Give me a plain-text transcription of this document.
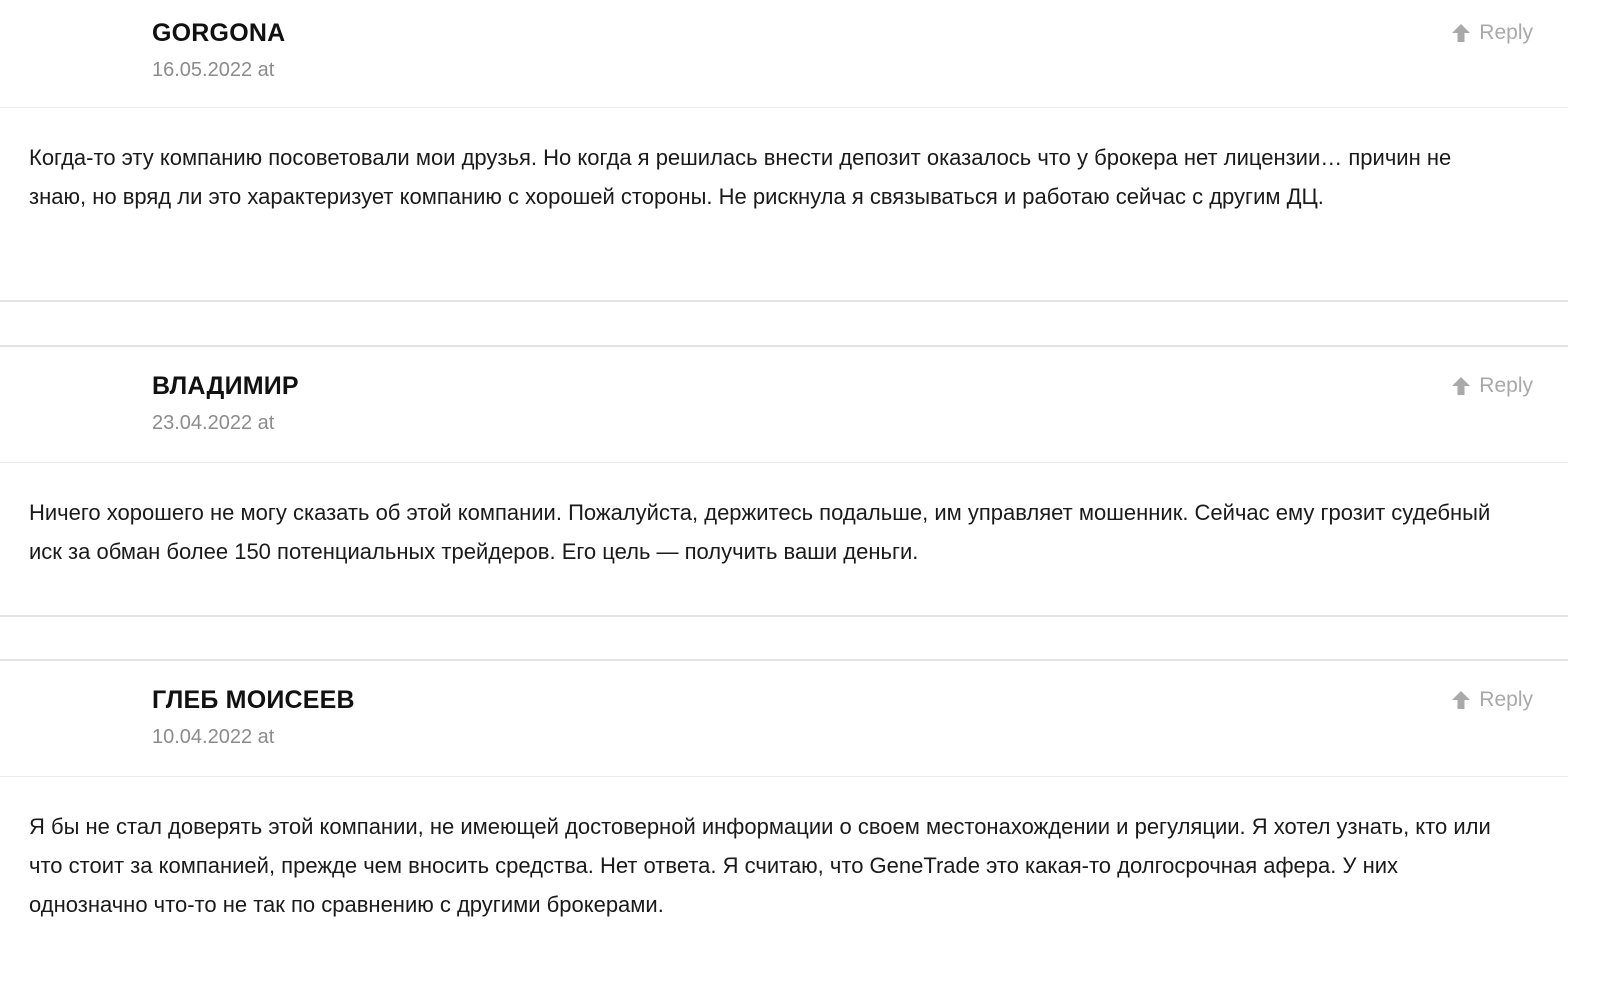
GORGONA
16.05.2022 at
Reply
Когда-то эту компанию посоветовали мои друзья. Но когда я решилась внести депозит оказалось что у брокера нет лицензии… причин не знаю, но вряд ли это характеризует компанию с хорошей стороны. Не рискнула я связываться и работаю сейчас с другим ДЦ.
ВЛАДИМИР
23.04.2022 at
Reply
Ничего хорошего не могу сказать об этой компании. Пожалуйста, держитесь подальше, им управляет мошенник. Сейчас ему грозит судебный иск за обман более 150 потенциальных трейдеров. Его цель — получить ваши деньги.
ГЛЕБ МОИСЕЕВ
10.04.2022 at
Reply
Я бы не стал доверять этой компании, не имеющей достоверной информации о своем местонахождении и регуляции. Я хотел узнать, кто или что стоит за компанией, прежде чем вносить средства. Нет ответа. Я считаю, что GeneTrade это какая-то долгосрочная афера. У них однозначно что-то не так по сравнению с другими брокерами.
